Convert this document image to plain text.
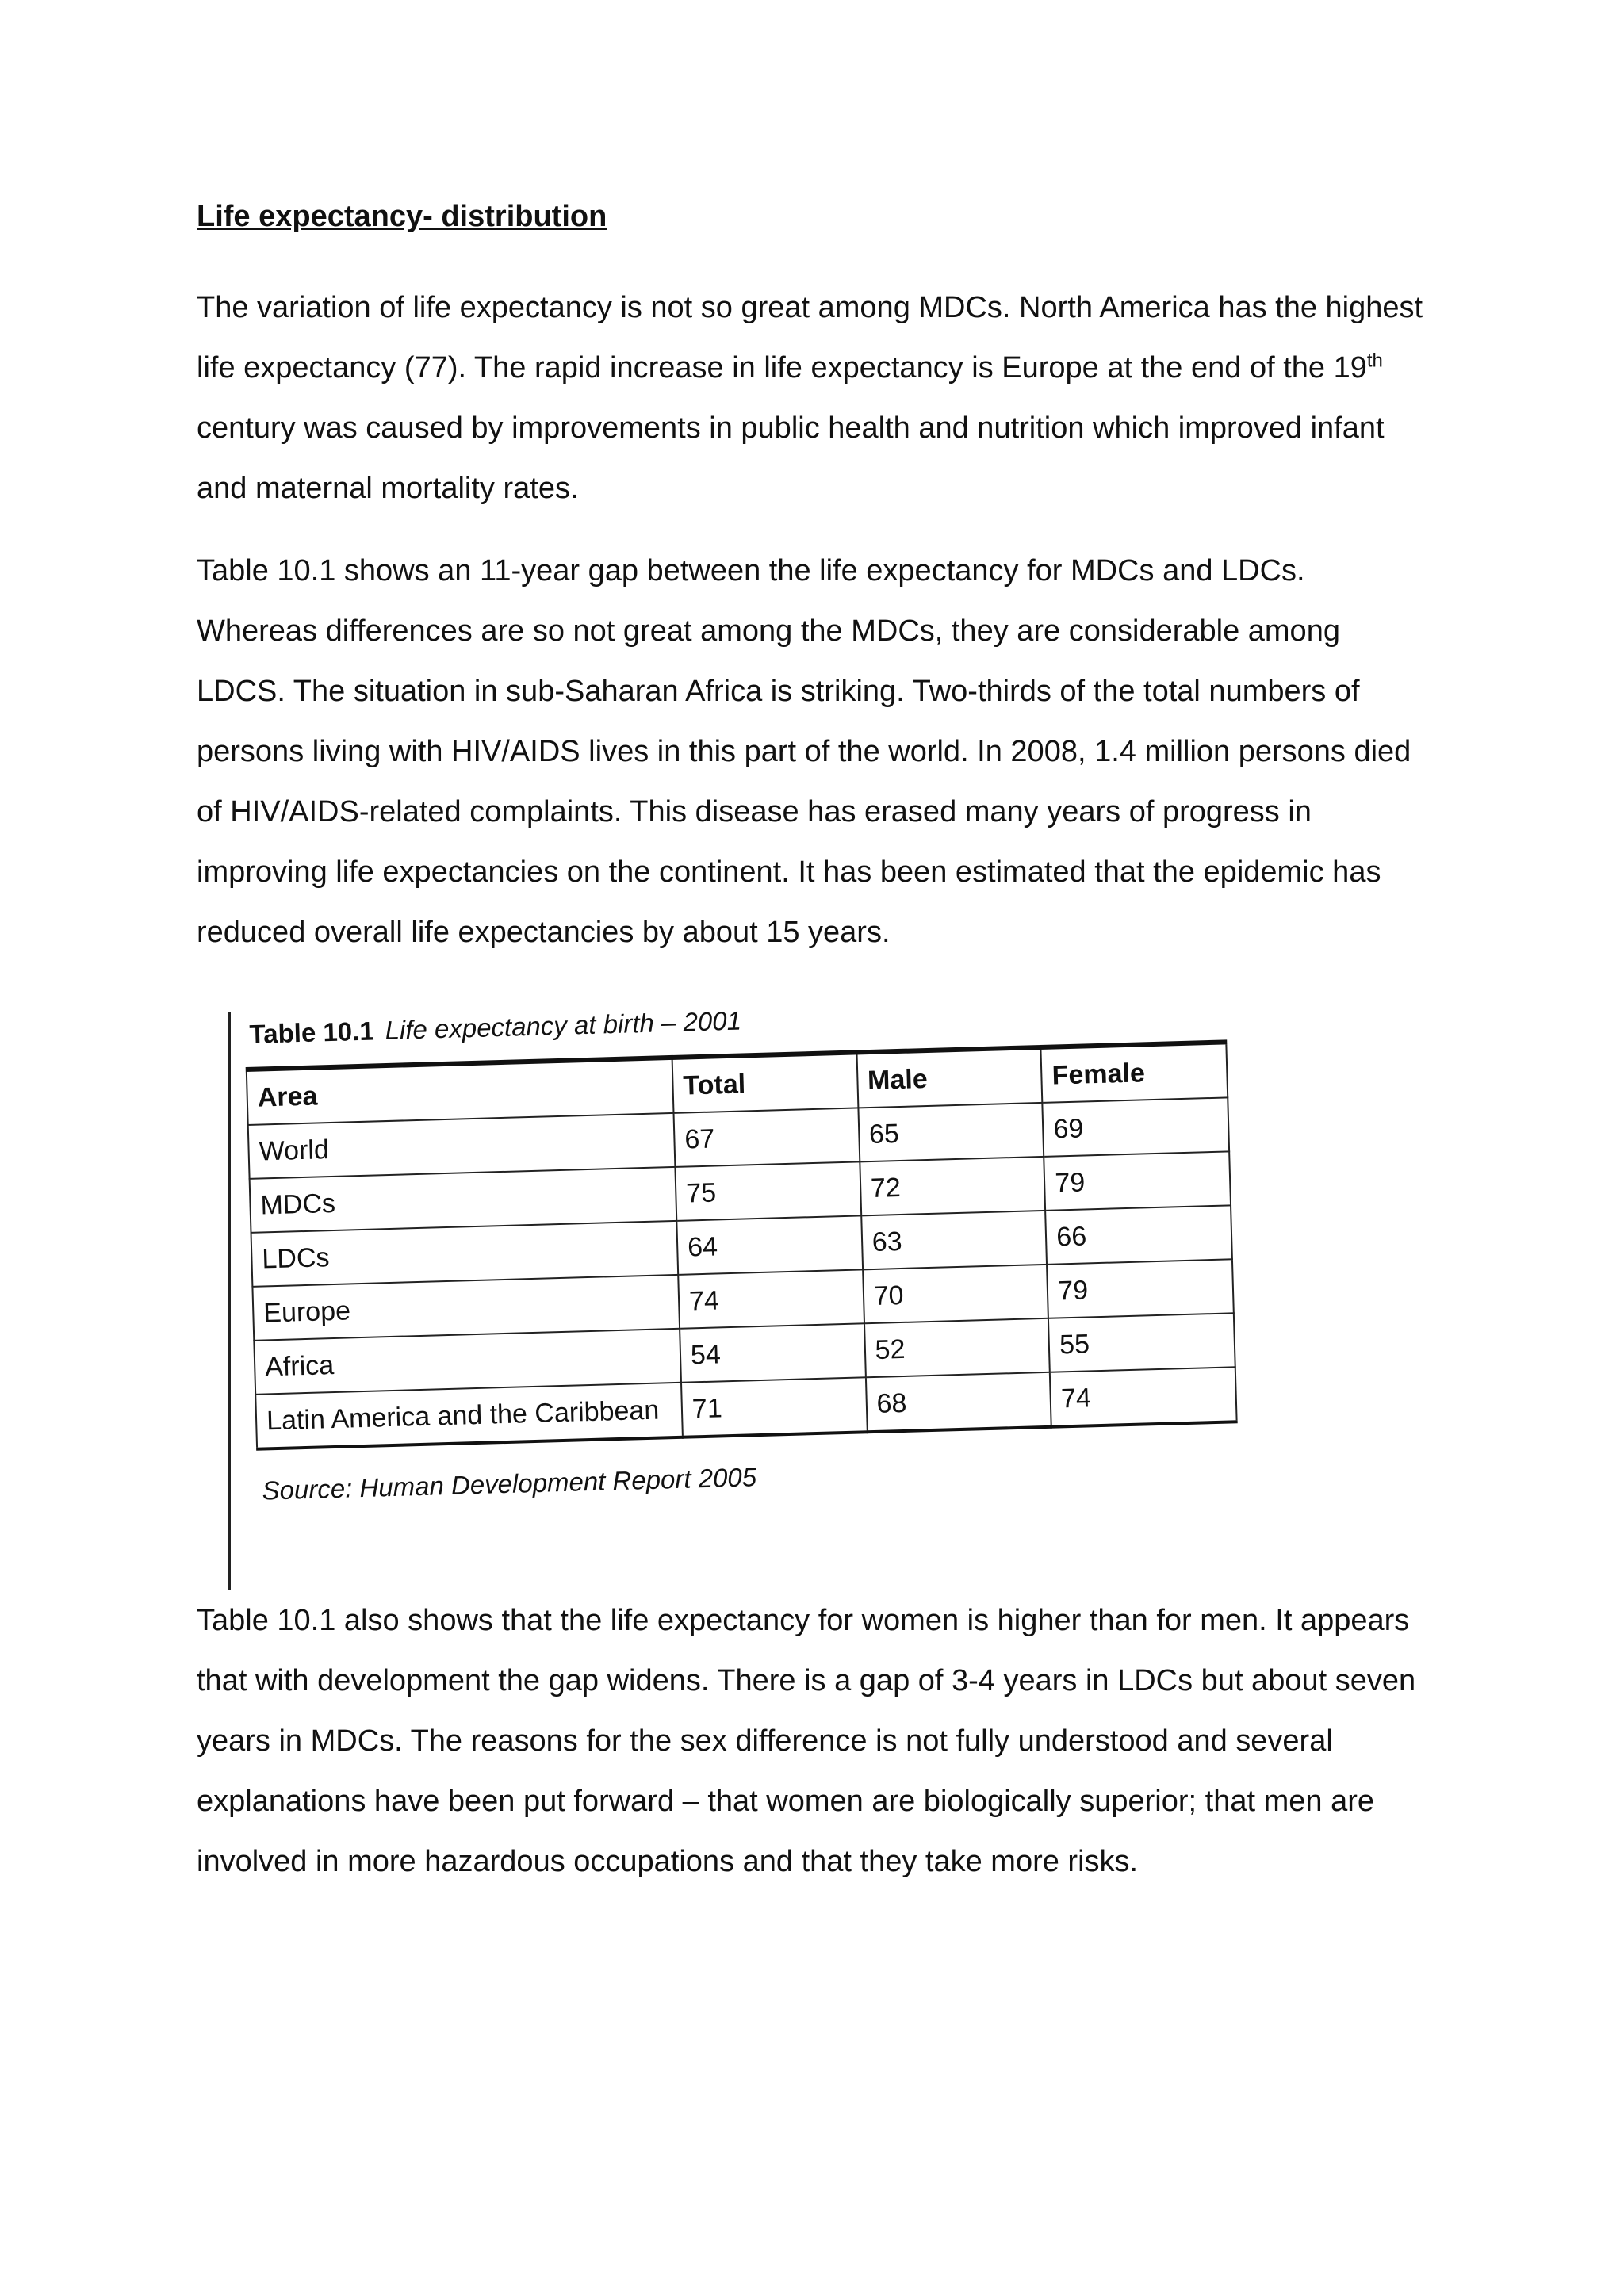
Life expectancy- distribution

The variation of life expectancy is not so great among MDCs. North America has the highest life expectancy (77). The rapid increase in life expectancy is Europe at the end of the 19th century was caused by improvements in public health and nutrition which improved infant and maternal mortality rates.

Table 10.1 shows an 11-year gap between the life expectancy for MDCs and LDCs. Whereas differences are so not great among the MDCs, they are considerable among LDCS. The situation in sub-Saharan Africa is striking. Two-thirds of the total numbers of persons living with HIV/AIDS lives in this part of the world. In 2008, 1.4 million persons died of HIV/AIDS-related complaints. This disease has erased many years of progress in improving life expectancies on the continent. It has been estimated that the epidemic has reduced overall life expectancies by about 15 years.

Table 10.1 Life expectancy at birth – 2001
Area	Total	Male	Female
World	67	65	69
MDCs	75	72	79
LDCs	64	63	66
Europe	74	70	79
Africa	54	52	55
Latin America and the Caribbean	71	68	74
Source: Human Development Report 2005

Table 10.1 also shows that the life expectancy for women is higher than for men. It appears that with development the gap widens. There is a gap of 3-4 years in LDCs but about seven years in MDCs. The reasons for the sex difference is not fully understood and several explanations have been put forward – that women are biologically superior; that men are involved in more hazardous occupations and that they take more risks.
